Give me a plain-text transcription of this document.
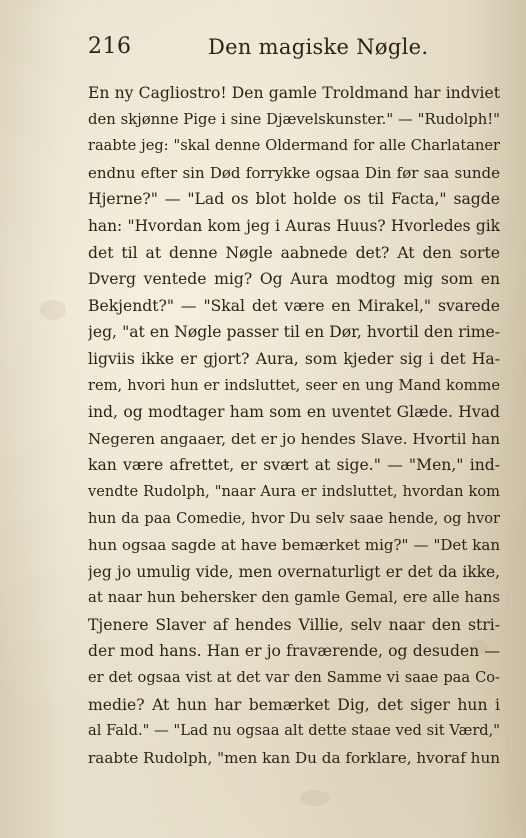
216	Den magiske Nøgle.
En ny Cagliostro! Den gamle Troldmand har indviet
den skjønne Pige i sine Djævelskunster." — "Rudolph!"
raabte jeg: "skal denne Oldermand for alle Charlataner
endnu efter sin Død forrykke ogsaa Din før saa sunde
Hjerne?" — "Lad os blot holde os til Facta," sagde
han: "Hvordan kom jeg i Auras Huus? Hvorledes gik
det til at denne Nøgle aabnede det? At den sorte
Dverg ventede mig? Og Aura modtog mig som en
Bekjendt?" — "Skal det være en Mirakel," svarede
jeg, "at en Nøgle passer til en Dør, hvortil den rime-
ligviis ikke er gjort? Aura, som kjeder sig i det Ha-
rem, hvori hun er indsluttet, seer en ung Mand komme
ind, og modtager ham som en uventet Glæde. Hvad
Negeren angaaer, det er jo hendes Slave. Hvortil han
kan være afrettet, er svært at sige." — "Men," ind-
vendte Rudolph, "naar Aura er indsluttet, hvordan kom
hun da paa Comedie, hvor Du selv saae hende, og hvor
hun ogsaa sagde at have bemærket mig?" — "Det kan
jeg jo umulig vide, men overnaturligt er det da ikke,
at naar hun behersker den gamle Gemal, ere alle hans
Tjenere Slaver af hendes Villie, selv naar den stri-
der mod hans. Han er jo fraværende, og desuden —
er det ogsaa vist at det var den Samme vi saae paa Co-
medie? At hun har bemærket Dig, det siger hun i
al Fald." — "Lad nu ogsaa alt dette staae ved sit Værd,"
raabte Rudolph, "men kan Du da forklare, hvoraf hun
